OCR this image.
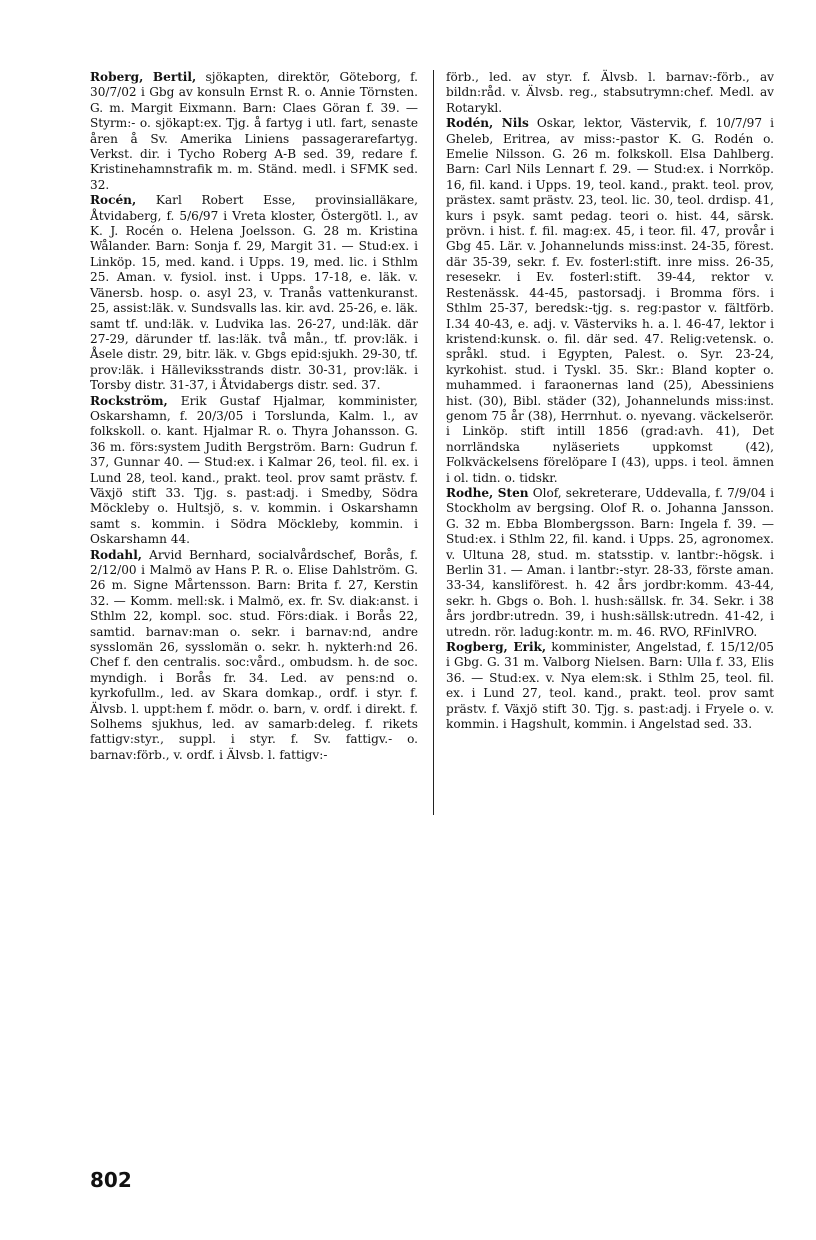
Roberg, Bertil, sjökapten, direktör, Göteborg, f. 30/7/02 i Gbg av konsuln Ernst R. o. Annie Törnsten. G. m. Margit Eixmann. Barn: Claes Göran f. 39. — Styrm:- o. sjökapt:ex. Tjg. å fartyg i utl. fart, senaste åren å Sv. Amerika Liniens passagerarefartyg. Verkst. dir. i Tycho Roberg A-B sed. 39, redare f. Kristinehamnstrafik m. m. Ständ. medl. i SFMK sed. 32.

Rocén, Karl Robert Esse, provinsialläkare, Åtvidaberg, f. 5/6/97 i Vreta kloster, Östergötl. l., av K. J. Rocén o. Helena Joelsson. G. 28 m. Kristina Wålander. Barn: Sonja f. 29, Margit 31. — Stud:ex. i Linköp. 15, med. kand. i Upps. 19, med. lic. i Sthlm 25. Aman. v. fysiol. inst. i Upps. 17-18, e. läk. v. Vänersb. hosp. o. asyl 23, v. Tranås vattenkuranst. 25, assist:läk. v. Sundsvalls las. kir. avd. 25-26, e. läk. samt tf. und:läk. v. Ludvika las. 26-27, und:läk. där 27-29, därunder tf. las:läk. två mån., tf. prov:läk. i Åsele distr. 29, bitr. läk. v. Gbgs epid:sjukh. 29-30, tf. prov:läk. i Hälleviksstrands distr. 30-31, prov:läk. i Torsby distr. 31-37, i Åtvidabergs distr. sed. 37.

Rockström, Erik Gustaf Hjalmar, komminister, Oskarshamn, f. 20/3/05 i Torslunda, Kalm. l., av folkskoll. o. kant. Hjalmar R. o. Thyra Johansson. G. 36 m. förs:system Judith Bergström. Barn: Gudrun f. 37, Gunnar 40. — Stud:ex. i Kalmar 26, teol. fil. ex. i Lund 28, teol. kand., prakt. teol. prov samt prästv. f. Växjö stift 33. Tjg. s. past:adj. i Smedby, Södra Möckleby o. Hultsjö, s. v. kommin. i Oskarshamn samt s. kommin. i Södra Möckleby, kommin. i Oskarshamn 44.

Rodahl, Arvid Bernhard, socialvårdschef, Borås, f. 2/12/00 i Malmö av Hans P. R. o. Elise Dahlström. G. 26 m. Signe Mårtensson. Barn: Brita f. 27, Kerstin 32. — Komm. mell:sk. i Malmö, ex. fr. Sv. diak:anst. i Sthlm 22, kompl. soc. stud. Förs:diak. i Borås 22, samtid. barnav:man o. sekr. i barnav:nd, andre sysslomän 26, sysslomän o. sekr. h. nykterh:nd 26. Chef f. den centralis. soc:vård., ombudsm. h. de soc. myndigh. i Borås fr. 34. Led. av pens:nd o. kyrkofullm., led. av Skara domkap., ordf. i styr. f. Älvsb. l. uppt:hem f. mödr. o. barn, v. ordf. i direkt. f. Solhems sjukhus, led. av samarb:deleg. f. rikets fattigv:styr., suppl. i styr. f. Sv. fattigv.- o. barnav:förb., v. ordf. i Älvsb. l. fattigv:-

förb., led. av styr. f. Älvsb. l. barnav:-förb., av bildn:råd. v. Älvsb. reg., stabsutrymn:chef. Medl. av Rotarykl.

Rodén, Nils Oskar, lektor, Västervik, f. 10/7/97 i Gheleb, Eritrea, av miss:-pastor K. G. Rodén o. Emelie Nilsson. G. 26 m. folkskoll. Elsa Dahlberg. Barn: Carl Nils Lennart f. 29. — Stud:ex. i Norrköp. 16, fil. kand. i Upps. 19, teol. kand., prakt. teol. prov, prästex. samt prästv. 23, teol. lic. 30, teol. drdisp. 41, kurs i psyk. samt pedag. teori o. hist. 44, särsk. prövn. i hist. f. fil. mag:ex. 45, i teor. fil. 47, provår i Gbg 45. Lär. v. Johannelunds miss:inst. 24-35, förest. där 35-39, sekr. f. Ev. fosterl:stift. inre miss. 26-35, resesekr. i Ev. fosterl:stift. 39-44, rektor v. Restenässk. 44-45, pastorsadj. i Bromma förs. i Sthlm 25-37, beredsk:-tjg. s. reg:pastor v. fältförb. I.34 40-43, e. adj. v. Västerviks h. a. l. 46-47, lektor i kristend:kunsk. o. fil. där sed. 47. Relig:vetensk. o. språkl. stud. i Egypten, Palest. o. Syr. 23-24, kyrkohist. stud. i Tyskl. 35. Skr.: Bland kopter o. muhammed. i faraonernas land (25), Abessiniens hist. (30), Bibl. städer (32), Johannelunds miss:inst. genom 75 år (38), Herrnhut. o. nyevang. väckelserör. i Linköp. stift intill 1856 (grad:avh. 41), Det norrländska nyläseriets uppkomst (42), Folkväckelsens förelöpare I (43), upps. i teol. ämnen i ol. tidn. o. tidskr.

Rodhe, Sten Olof, sekreterare, Uddevalla, f. 7/9/04 i Stockholm av bergsing. Olof R. o. Johanna Jansson. G. 32 m. Ebba Blombergsson. Barn: Ingela f. 39. — Stud:ex. i Sthlm 22, fil. kand. i Upps. 25, agronomex. v. Ultuna 28, stud. m. statsstip. v. lantbr:-högsk. i Berlin 31. — Aman. i lantbr:-styr. 28-33, förste aman. 33-34, kansliförest. h. 42 års jordbr:komm. 43-44, sekr. h. Gbgs o. Boh. l. hush:sällsk. fr. 34. Sekr. i 38 års jordbr:utredn. 39, i hush:sällsk:utredn. 41-42, i utredn. rör. ladug:kontr. m. m. 46. RVO, RFinlVRO.

Rogberg, Erik, komminister, Angelstad, f. 15/12/05 i Gbg. G. 31 m. Valborg Nielsen. Barn: Ulla f. 33, Elis 36. — Stud:ex. v. Nya elem:sk. i Sthlm 25, teol. fil. ex. i Lund 27, teol. kand., prakt. teol. prov samt prästv. f. Växjö stift 30. Tjg. s. past:adj. i Fryele o. v. kommin. i Hagshult, kommin. i Angelstad sed. 33.

802
